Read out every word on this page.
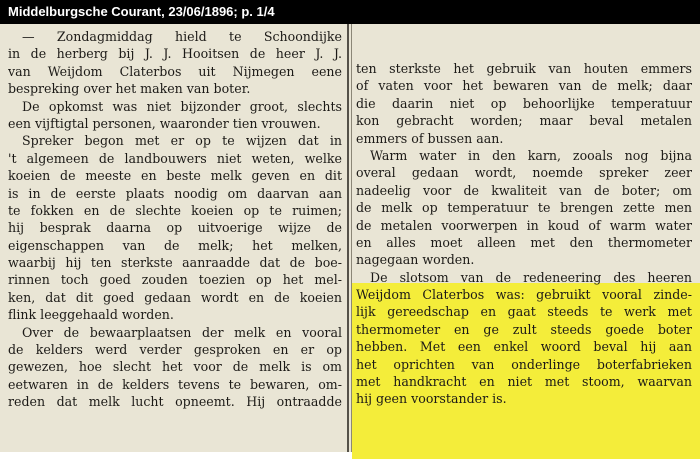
Middelburgsche Courant, 23/06/1896; p. 1/4
— Zondagmiddag hield te Schoondijke
in de herberg bij J. J. Hooitsen de heer J. J.
van Weijdom Claterbos uit Nijmegen eene
bespreking over het maken van boter.
De opkomst was niet bijzonder groot, slechts
een vijftigtal personen, waaronder tien vrouwen.
Spreker begon met er op te wijzen dat in
't algemeen de landbouwers niet weten, welke
koeien de meeste en beste melk geven en dit
is in de eerste plaats noodig om daarvan aan
te fokken en de slechte koeien op te ruimen;
hij besprak daarna op uitvoerige wijze de
eigenschappen van de melk; het melken,
waarbij hij ten sterkste aanraadde dat de boe-
rinnen toch goed zouden toezien op het mel-
ken, dat dit goed gedaan wordt en de koeien
flink leeggehaald worden.
Over de bewaarplaatsen der melk en vooral
de kelders werd verder gesproken en er op
gewezen, hoe slecht het voor de melk is om
eetwaren in de kelders tevens te bewaren, om-
reden dat melk lucht opneemt. Hij ontraadde
ten sterkste het gebruik van houten emmers
of vaten voor het bewaren van de melk; daar
die daarin niet op behoorlijke temperatuur
kon gebracht worden; maar beval metalen
emmers of bussen aan.
Warm water in den karn, zooals nog bijna
overal gedaan wordt, noemde spreker zeer
nadeelig voor de kwaliteit van de boter; om
de melk op temperatuur te brengen zette men
de metalen voorwerpen in koud of warm water
en alles moet alleen met den thermometer
nagegaan worden.
De slotsom van de redeneering des heeren
Weijdom Claterbos was: gebruikt vooral zinde-
lijk gereedschap en gaat steeds te werk met
thermometer en ge zult steeds goede boter
hebben. Met een enkel woord beval hij aan
het oprichten van onderlinge boterfabrieken
met handkracht en niet met stoom, waarvan
hij geen voorstander is.
